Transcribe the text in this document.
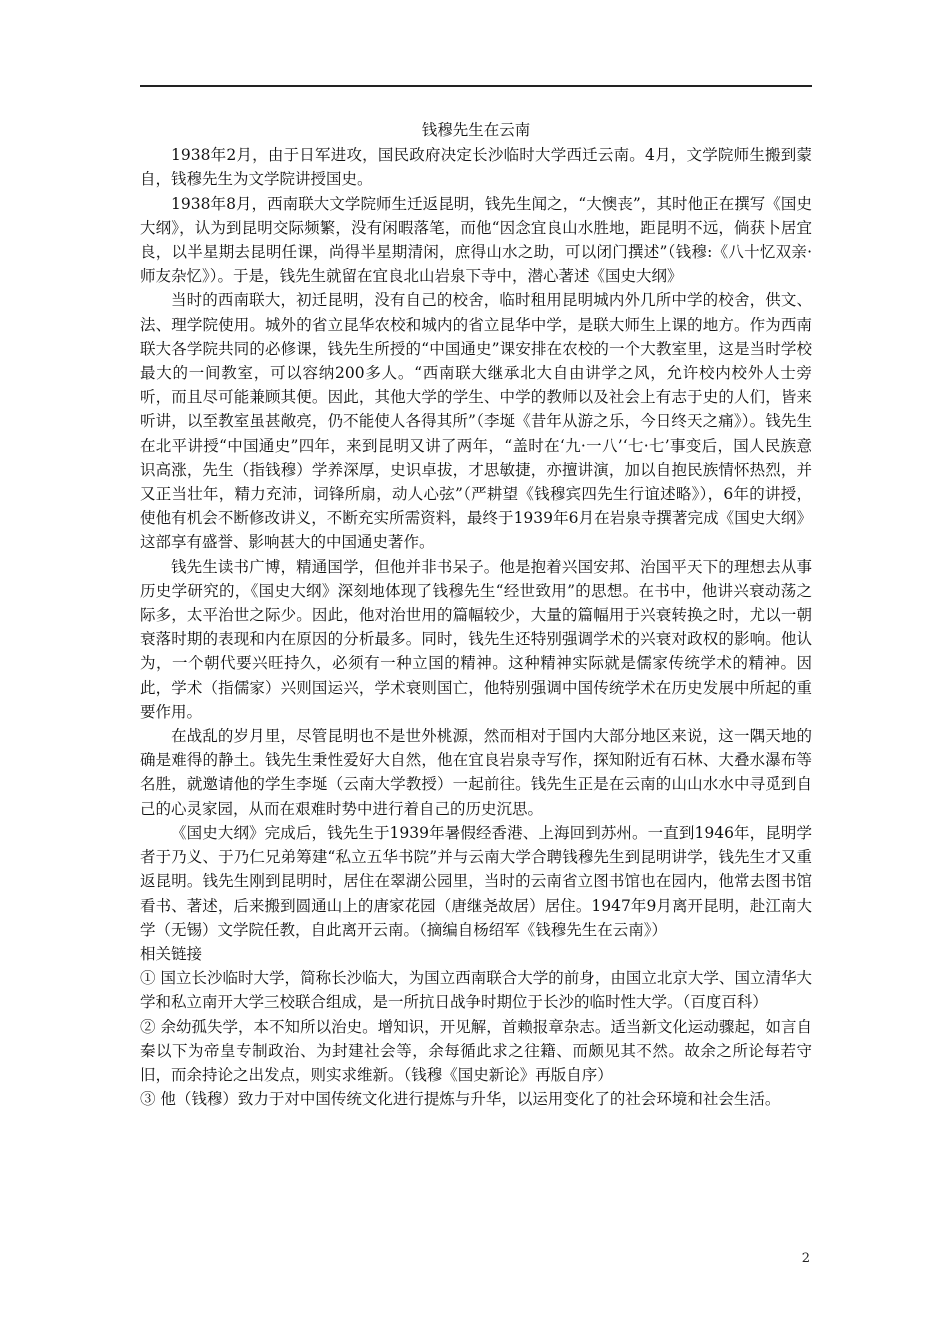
钱穆先生在云南

1938年2月，由于日军进攻，国民政府决定长沙临时大学西迁云南。4月，文学院师生搬到蒙自，钱穆先生为文学院讲授国史。

1938年8月，西南联大文学院师生迁返昆明，钱先生闻之，“大懊丧”，其时他正在撰写《国史大纲》，认为到昆明交际频繁，没有闲暇落笔，而他“因念宜良山水胜地，距昆明不远，倘获卜居宜良，以半星期去昆明任课，尚得半星期清闲，庶得山水之助，可以闭门撰述”（钱穆:《八十忆双亲·师友杂忆》）。于是，钱先生就留在宜良北山岩泉下寺中，潜心著述《国史大纲》

当时的西南联大，初迁昆明，没有自己的校舍，临时租用昆明城内外几所中学的校舍，供文、法、理学院使用。城外的省立昆华农校和城内的省立昆华中学，是联大师生上课的地方。作为西南联大各学院共同的必修课，钱先生所授的“中国通史”课安排在农校的一个大教室里，这是当时学校最大的一间教室，可以容纳200多人。“西南联大继承北大自由讲学之风，允许校内校外人士旁听，而且尽可能兼顾其便。因此，其他大学的学生、中学的教师以及社会上有志于史的人们，皆来听讲，以至教室虽甚敞亮，仍不能使人各得其所”（李埏《昔年从游之乐，今日终天之痛》）。钱先生在北平讲授“中国通史”四年，来到昆明又讲了两年，“盖时在‘九·一八’‘七·七’事变后，国人民族意识高涨，先生（指钱穆）学养深厚，史识卓拔，才思敏捷，亦擅讲演，加以自抱民族情怀热烈，并又正当壮年，精力充沛，词锋所扇，动人心弦”（严耕望《钱穆宾四先生行谊述略》），6年的讲授，使他有机会不断修改讲义，不断充实所需资料，最终于1939年6月在岩泉寺撰著完成《国史大纲》这部享有盛誉、影响甚大的中国通史著作。

钱先生读书广博，精通国学，但他并非书呆子。他是抱着兴国安邦、治国平天下的理想去从事历史学研究的，《国史大纲》深刻地体现了钱穆先生“经世致用”的思想。在书中，他讲兴衰动荡之际多，太平治世之际少。因此，他对治世用的篇幅较少，大量的篇幅用于兴衰转换之时，尤以一朝衰落时期的表现和内在原因的分析最多。同时，钱先生还特别强调学术的兴衰对政权的影响。他认为，一个朝代要兴旺持久，必须有一种立国的精神。这种精神实际就是儒家传统学术的精神。因此，学术（指儒家）兴则国运兴，学术衰则国亡，他特别强调中国传统学术在历史发展中所起的重要作用。

在战乱的岁月里，尽管昆明也不是世外桃源，然而相对于国内大部分地区来说，这一隅天地的确是难得的静土。钱先生秉性爱好大自然，他在宜良岩泉寺写作，探知附近有石林、大叠水瀑布等名胜，就邀请他的学生李埏（云南大学教授）一起前往。钱先生正是在云南的山山水水中寻觅到自己的心灵家园，从而在艰难时势中进行着自己的历史沉思。

《国史大纲》完成后，钱先生于1939年暑假经香港、上海回到苏州。一直到1946年，昆明学者于乃义、于乃仁兄弟筹建“私立五华书院”并与云南大学合聘钱穆先生到昆明讲学，钱先生才又重返昆明。钱先生刚到昆明时，居住在翠湖公园里，当时的云南省立图书馆也在园内，他常去图书馆看书、著述，后来搬到圆通山上的唐家花园（唐继尧故居）居住。1947年9月离开昆明，赴江南大学（无锡）文学院任教，自此离开云南。（摘编自杨绍军《钱穆先生在云南》）

相关链接

① 国立长沙临时大学，简称长沙临大，为国立西南联合大学的前身，由国立北京大学、国立清华大学和私立南开大学三校联合组成，是一所抗日战争时期位于长沙的临时性大学。（百度百科）

② 余幼孤失学，本不知所以治史。增知识，开见解，首赖报章杂志。适当新文化运动骤起，如言自秦以下为帝皇专制政治、为封建社会等，余每循此求之往籍、而颇见其不然。故余之所论每若守旧，而余持论之出发点，则实求维新。（钱穆《国史新论》再版自序）

③ 他（钱穆）致力于对中国传统文化进行提炼与升华，以运用变化了的社会环境和社会生活。

2
